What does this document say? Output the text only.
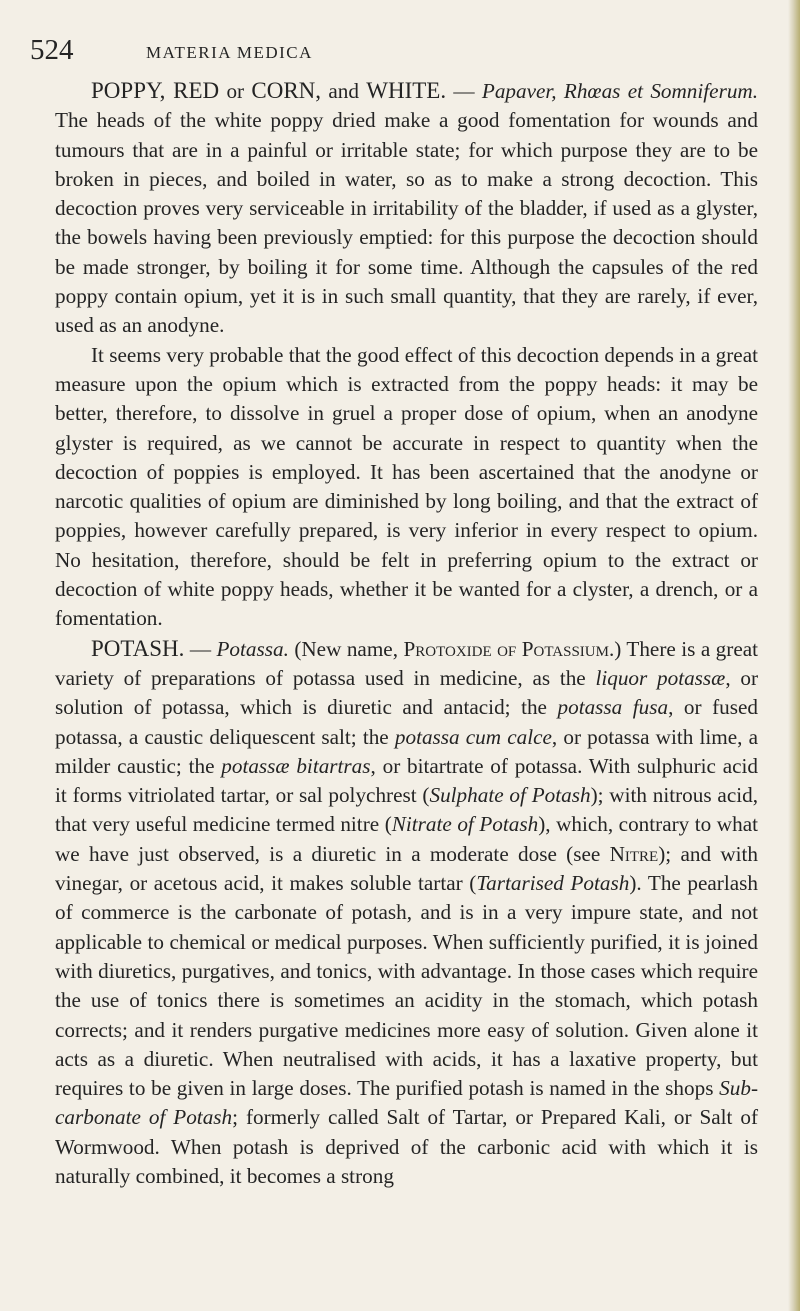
524	MATERIA MEDICA

POPPY, RED or CORN, and WHITE. — Papaver, Rhœas et Somniferum. The heads of the white poppy dried make a good fomentation for wounds and tumours that are in a painful or irritable state; for which purpose they are to be broken in pieces, and boiled in water, so as to make a strong decoction. This decoction proves very serviceable in irritability of the bladder, if used as a glyster, the bowels having been previously emptied: for this purpose the decoction should be made stronger, by boiling it for some time. Although the capsules of the red poppy contain opium, yet it is in such small quantity, that they are rarely, if ever, used as an anodyne.

It seems very probable that the good effect of this decoction depends in a great measure upon the opium which is extracted from the poppy heads: it may be better, therefore, to dissolve in gruel a proper dose of opium, when an anodyne glyster is required, as we cannot be accurate in respect to quantity when the decoction of poppies is employed. It has been ascertained that the anodyne or narcotic qualities of opium are diminished by long boiling, and that the extract of poppies, however carefully prepared, is very inferior in every respect to opium. No hesitation, therefore, should be felt in preferring opium to the extract or decoction of white poppy heads, whether it be wanted for a clyster, a drench, or a fomentation.

POTASH. — Potassa. (New name, Protoxide of Potassium.) There is a great variety of preparations of potassa used in medicine, as the liquor potassæ, or solution of potassa, which is diuretic and antacid; the potassa fusa, or fused potassa, a caustic deliquescent salt; the potassa cum calce, or potassa with lime, a milder caustic; the potassæ bitartras, or bitartrate of potassa. With sulphuric acid it forms vitriolated tartar, or sal polychrest (Sulphate of Potash); with nitrous acid, that very useful medicine termed nitre (Nitrate of Potash), which, contrary to what we have just observed, is a diuretic in a moderate dose (see Nitre); and with vinegar, or acetous acid, it makes soluble tartar (Tartarised Potash). The pearlash of commerce is the carbonate of potash, and is in a very impure state, and not applicable to chemical or medical purposes. When sufficiently purified, it is joined with diuretics, purgatives, and tonics, with advantage. In those cases which require the use of tonics there is sometimes an acidity in the stomach, which potash corrects; and it renders purgative medicines more easy of solution. Given alone it acts as a diuretic. When neutralised with acids, it has a laxative property, but requires to be given in large doses. The purified potash is named in the shops Sub-carbonate of Potash; formerly called Salt of Tartar, or Prepared Kali, or Salt of Wormwood. When potash is deprived of the carbonic acid with which it is naturally combined, it becomes a strong
